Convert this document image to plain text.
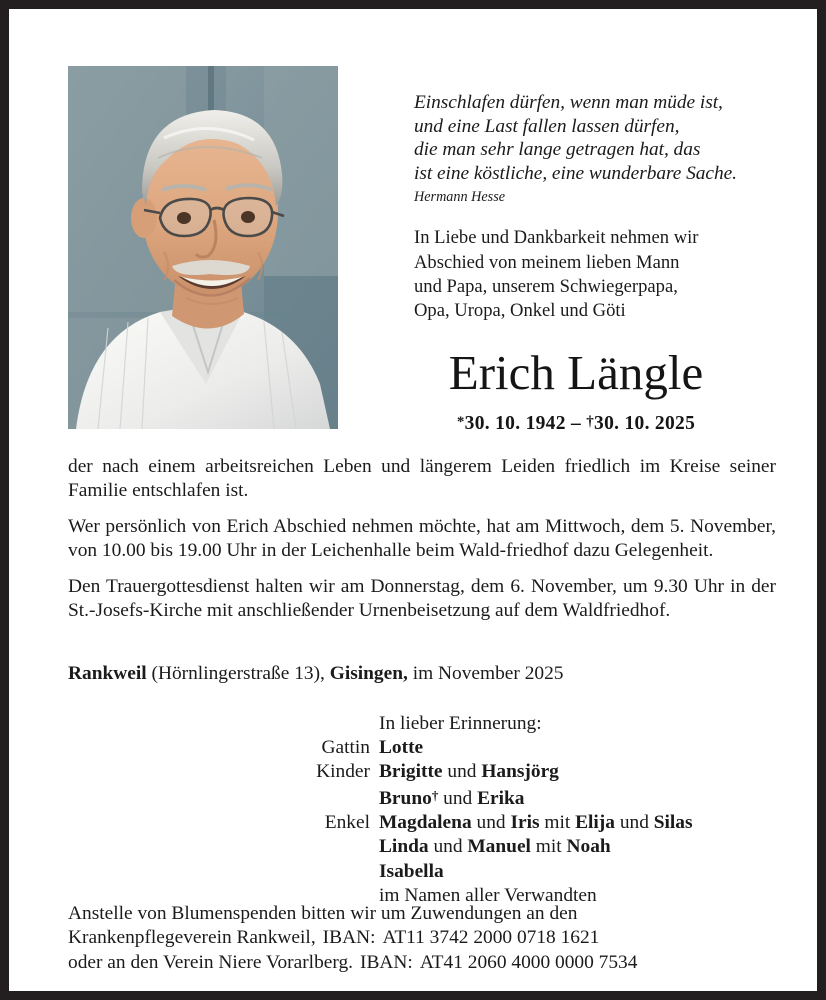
Einschlafen dürfen, wenn man müde ist,
und eine Last fallen lassen dürfen,
die man sehr lange getragen hat, das
ist eine köstliche, eine wunderbare Sache.
Hermann Hesse
In Liebe und Dankbarkeit nehmen wir
Abschied von meinem lieben Mann
und Papa, unserem Schwiegerpapa,
Opa, Uropa, Onkel und Göti
Erich Längle
*30. 10. 1942 – †30. 10. 2025

der nach einem arbeitsreichen Leben und längerem Leiden friedlich im Kreise seiner Familie entschlafen ist.

Wer persönlich von Erich Abschied nehmen möchte, hat am Mittwoch, dem 5. November, von 10.00 bis 19.00 Uhr in der Leichenhalle beim Wald-friedhof dazu Gelegenheit.

Den Trauergottesdienst halten wir am Donnerstag, dem 6. November, um 9.30 Uhr in der St.-Josefs-Kirche mit anschließender Urnenbeisetzung auf dem Waldfriedhof.

Rankweil (Hörnlingerstraße 13), Gisingen, im November 2025
In lieber Erinnerung:
Gattin Lotte
Kinder Brigitte und Hansjörg
Bruno† und Erika
Enkel Magdalena und Iris mit Elija und Silas
Linda und Manuel mit Noah
Isabella
im Namen aller Verwandten
Anstelle von Blumenspenden bitten wir um Zuwendungen an den
Krankenpflegeverein Rankweil, IBAN: AT11 3742 2000 0718 1621
oder an den Verein Niere Vorarlberg. IBAN: AT41 2060 4000 0000 7534
